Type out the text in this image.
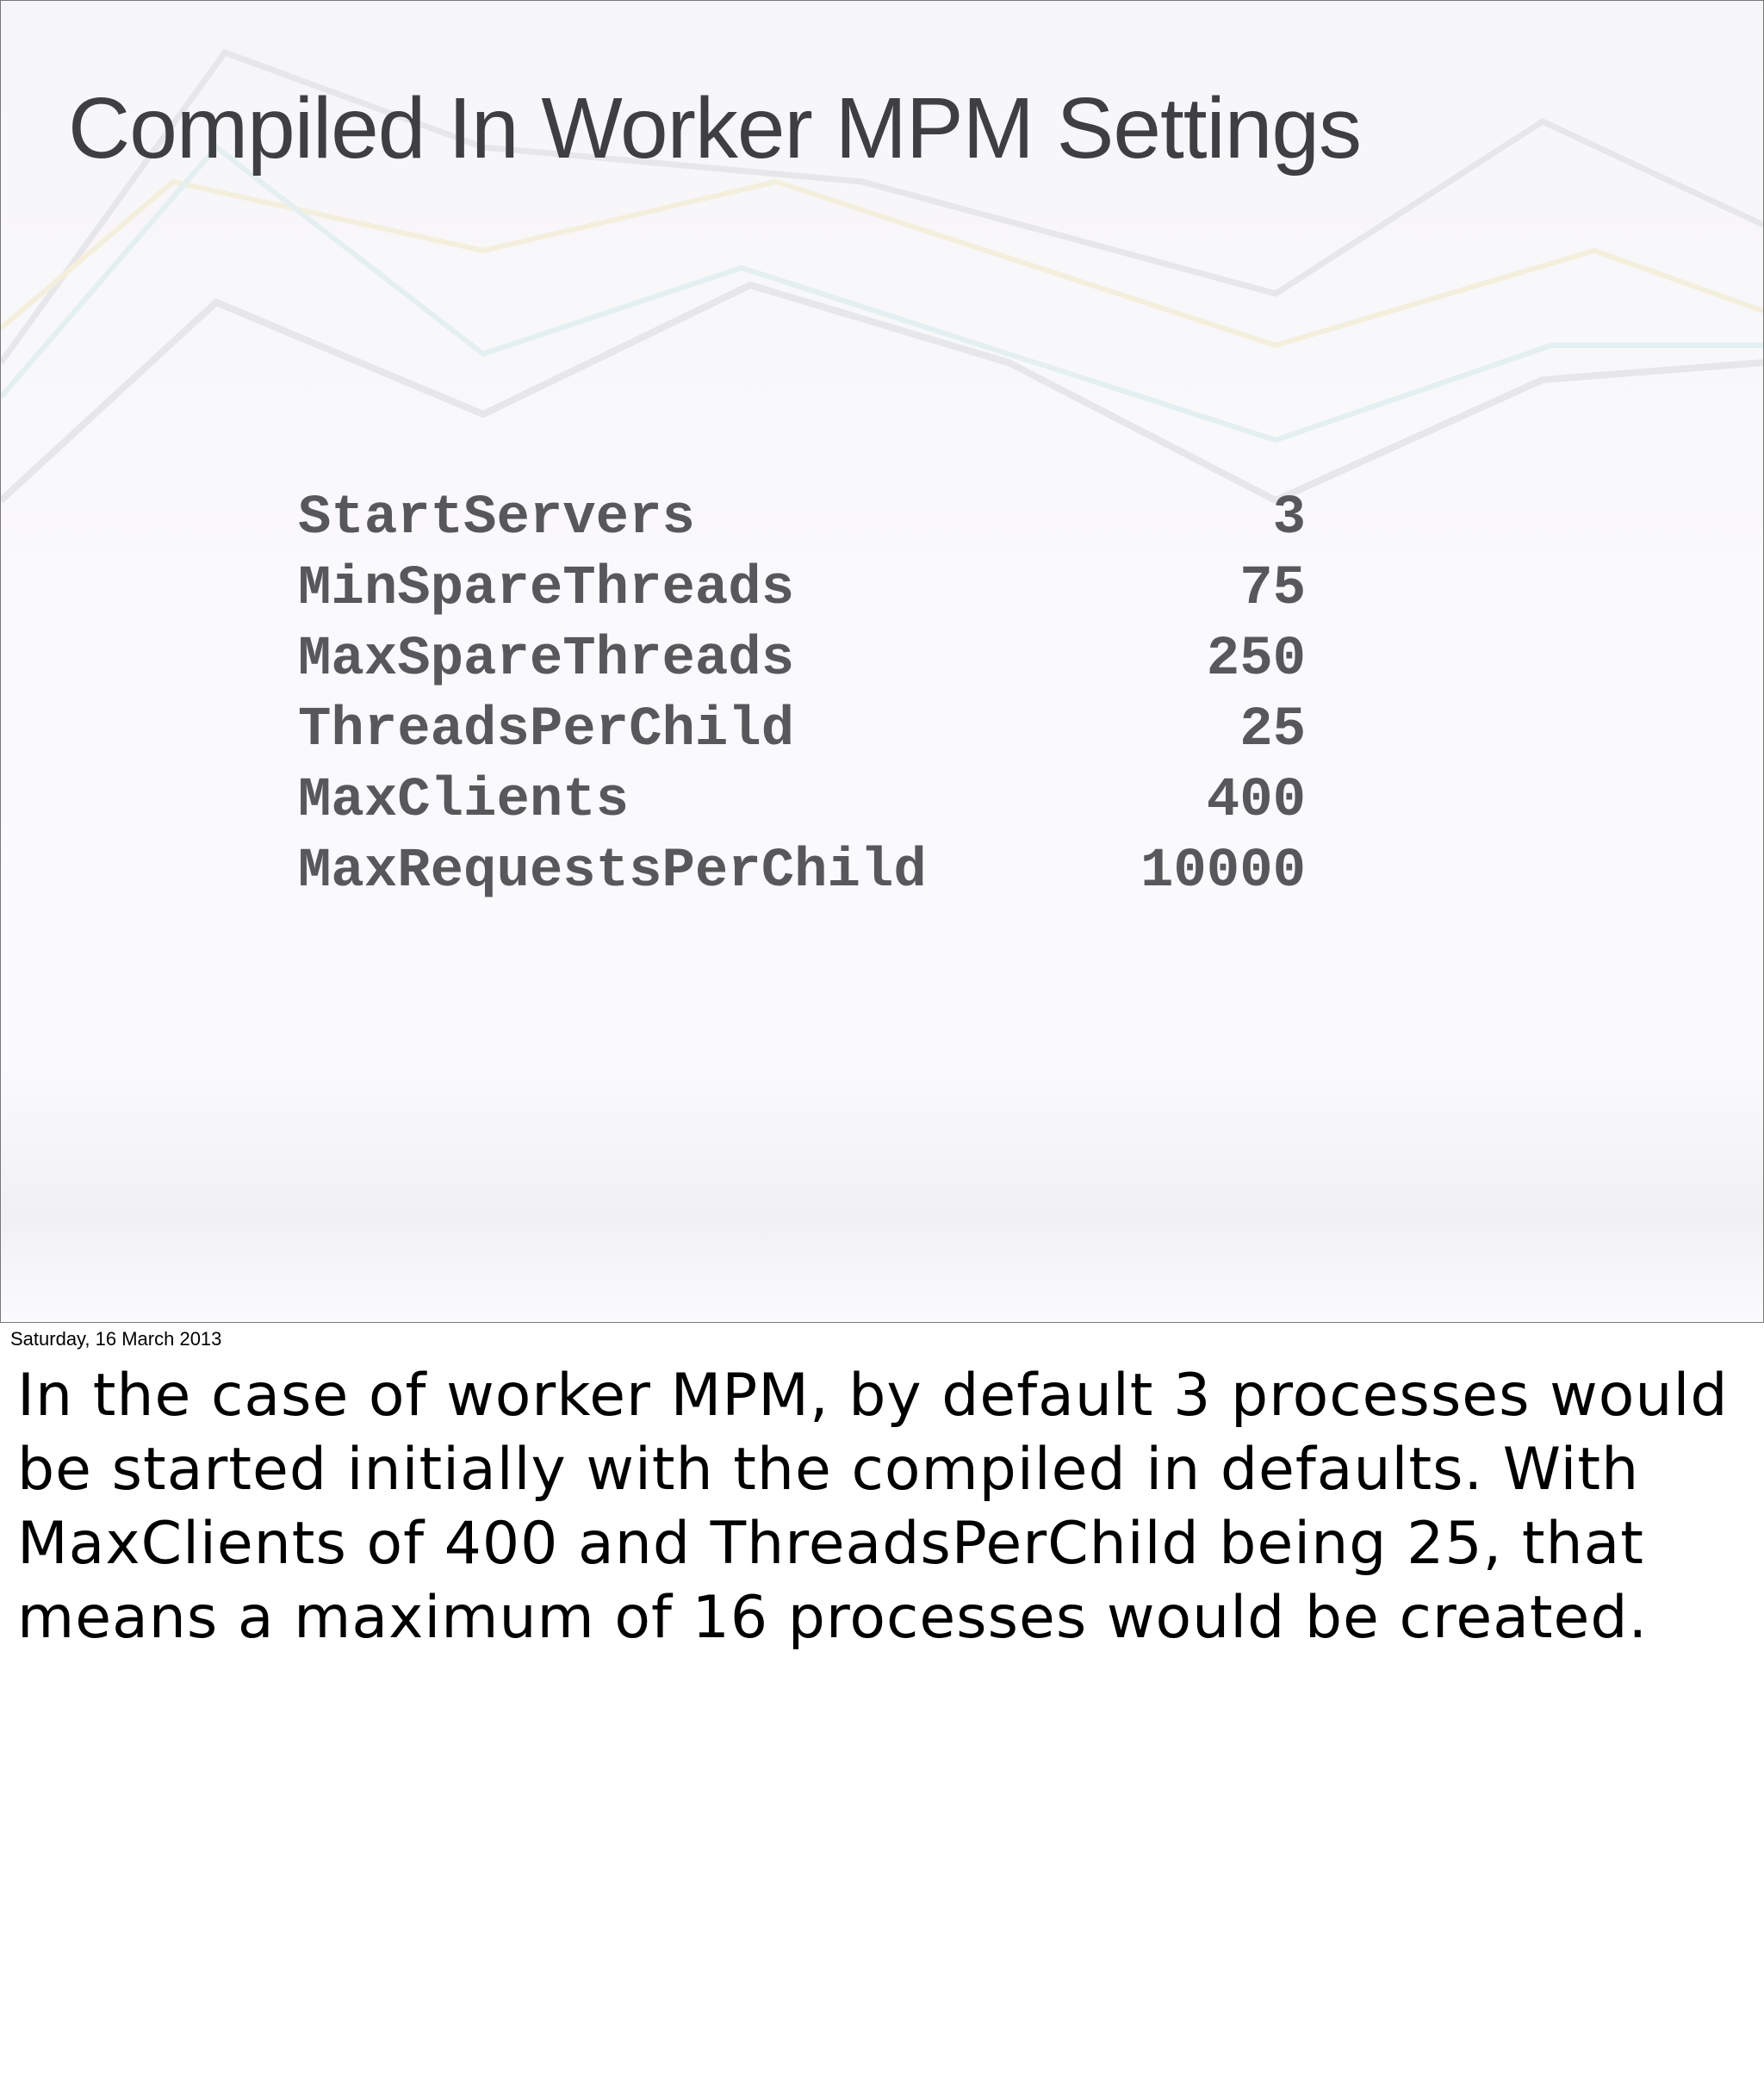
Compiled In Worker MPM Settings
StartServers	3
MinSpareThreads	75
MaxSpareThreads	250
ThreadsPerChild	25
MaxClients	400
MaxRequestsPerChild	10000
Saturday, 16 March 2013

In the case of worker MPM, by default 3 processes would be started initially with the compiled in defaults. With MaxClients of 400 and ThreadsPerChild being 25, that means a maximum of 16 processes would be created.
